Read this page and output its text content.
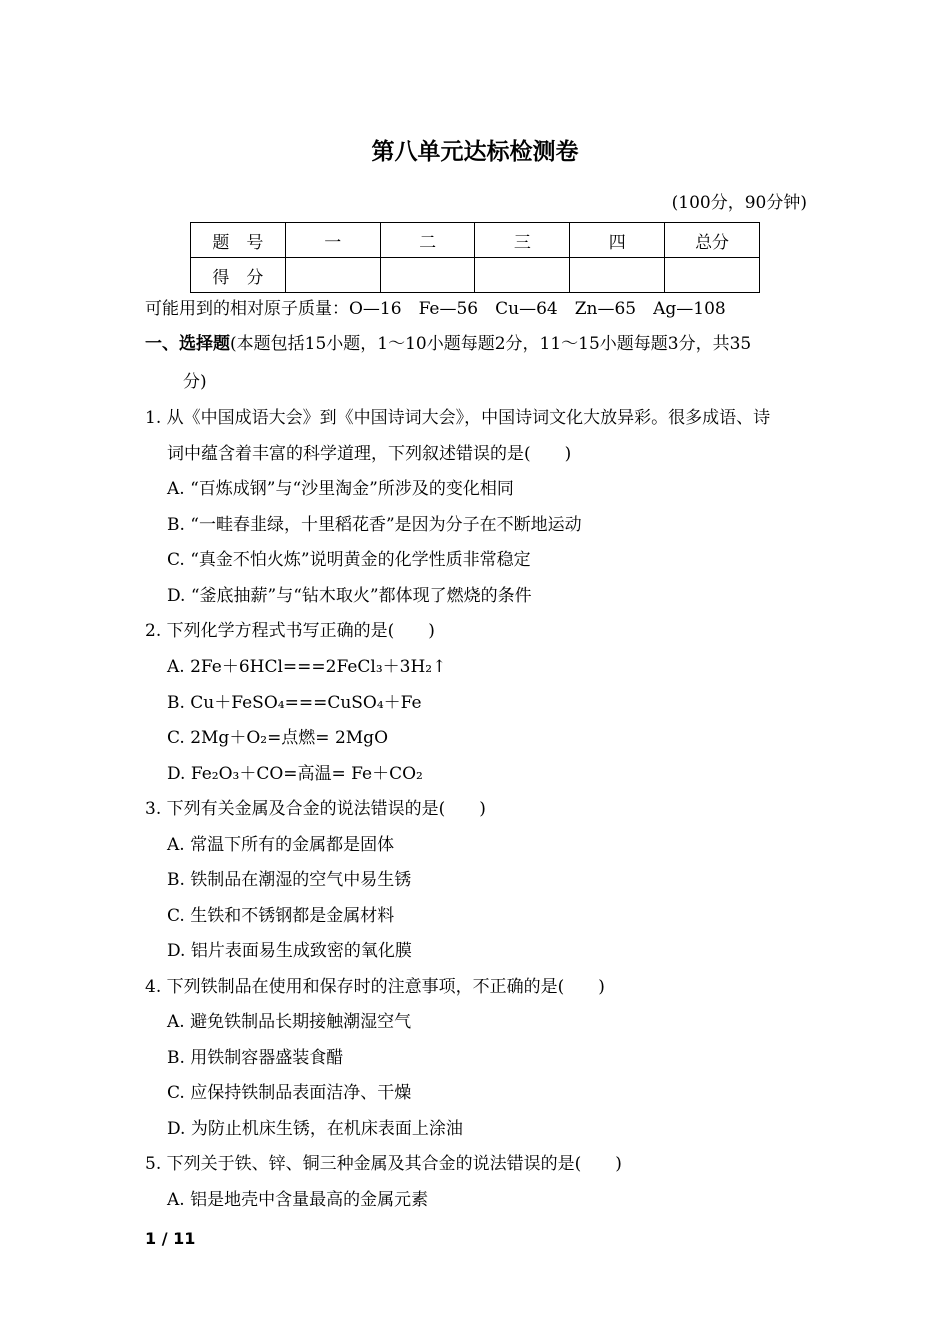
第八单元达标检测卷
(100分，90分钟)
题　号	一	二	三	四	总分
得　分					
可能用到的相对原子质量：O—16　Fe—56　Cu—64　Zn—65　Ag—108
一、选择题(本题包括15小题，1～10小题每题2分，11～15小题每题3分，共35
分)
1. 从《中国成语大会》到《中国诗词大会》，中国诗词文化大放异彩。很多成语、诗
词中蕴含着丰富的科学道理，下列叙述错误的是(　　)
A. “百炼成钢”与“沙里淘金”所涉及的变化相同
B. “一畦春韭绿，十里稻花香”是因为分子在不断地运动
C. “真金不怕火炼”说明黄金的化学性质非常稳定
D. “釜底抽薪”与“钻木取火”都体现了燃烧的条件
2. 下列化学方程式书写正确的是(　　)
A. 2Fe＋6HCl===2FeCl₃＋3H₂↑
B. Cu＋FeSO₄===CuSO₄＋Fe
C. 2Mg＋O₂=点燃= 2MgO
D. Fe₂O₃＋CO=高温= Fe＋CO₂
3. 下列有关金属及合金的说法错误的是(　　)
A. 常温下所有的金属都是固体
B. 铁制品在潮湿的空气中易生锈
C. 生铁和不锈钢都是金属材料
D. 铝片表面易生成致密的氧化膜
4. 下列铁制品在使用和保存时的注意事项，不正确的是(　　)
A. 避免铁制品长期接触潮湿空气
B. 用铁制容器盛装食醋
C. 应保持铁制品表面洁净、干燥
D. 为防止机床生锈，在机床表面上涂油
5. 下列关于铁、锌、铜三种金属及其合金的说法错误的是(　　)
A. 铝是地壳中含量最高的金属元素
1 / 11
